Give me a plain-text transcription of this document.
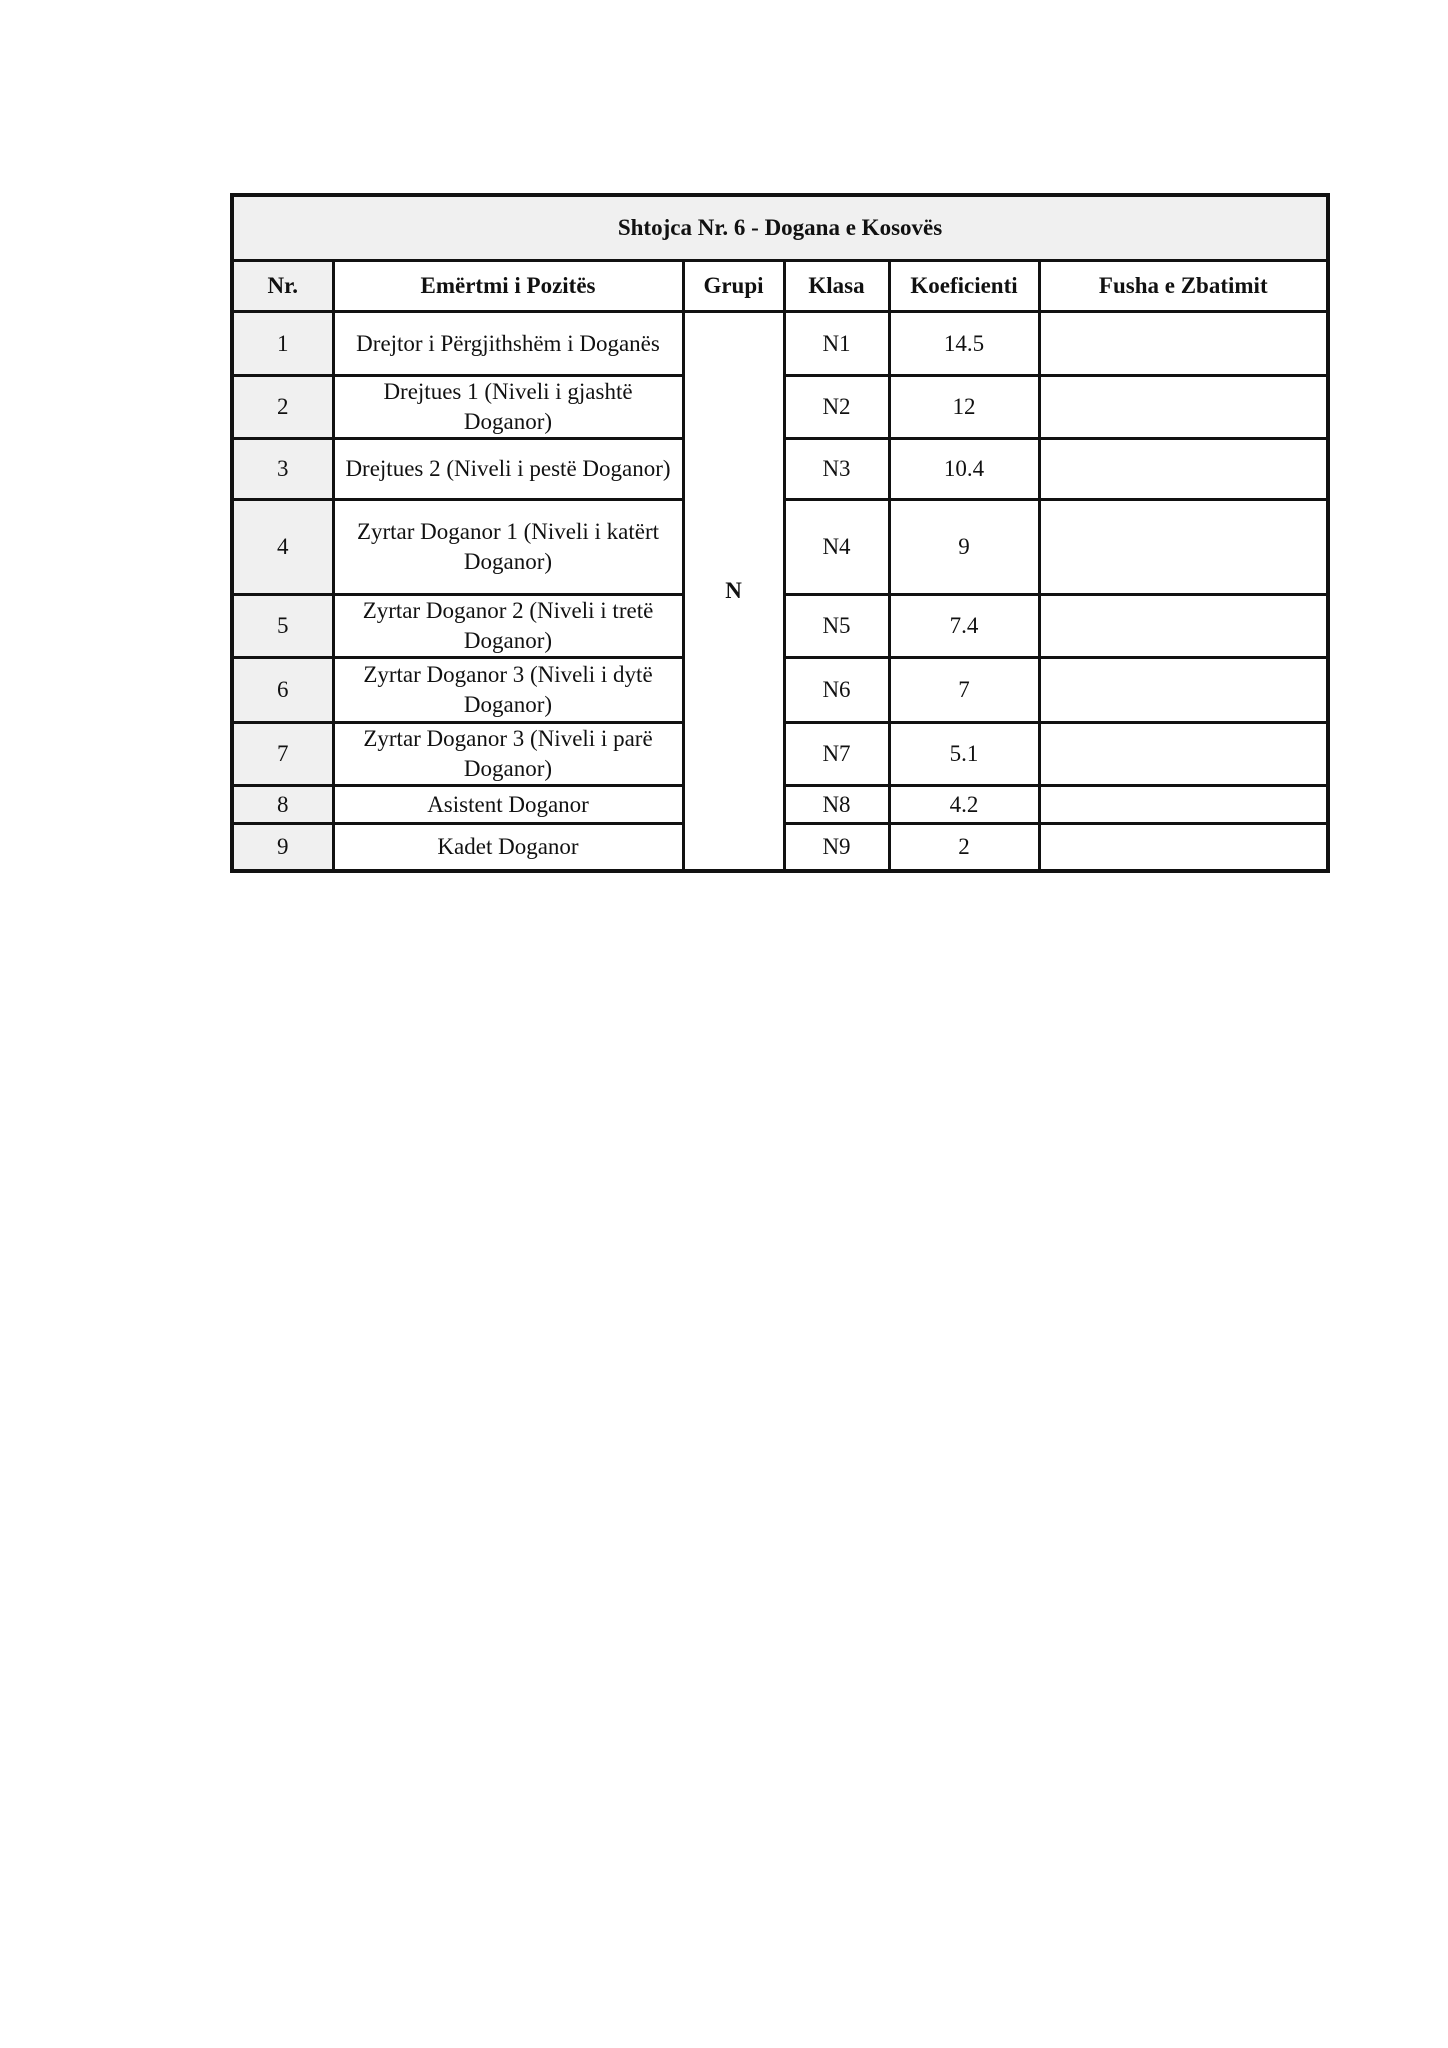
Shtojca Nr. 6 - Dogana e Kosovës					
Nr.	Emërtmi i Pozitës	Grupi	Klasa	Koeficienti	Fusha e Zbatimit
1	Drejtor i Përgjithshëm i Doganës	N	N1	14.5	
2	Drejtues 1 (Niveli i gjashtë Doganor)		N2	12	
3	Drejtues 2 (Niveli i pestë Doganor)		N3	10.4	
4	Zyrtar Doganor 1 (Niveli i katërt Doganor)		N4	9	
5	Zyrtar Doganor 2 (Niveli i tretë Doganor)		N5	7.4	
6	Zyrtar Doganor 3 (Niveli i dytë Doganor)		N6	7	
7	Zyrtar Doganor 3 (Niveli i parë Doganor)		N7	5.1	
8	Asistent Doganor		N8	4.2	
9	Kadet Doganor		N9	2	
